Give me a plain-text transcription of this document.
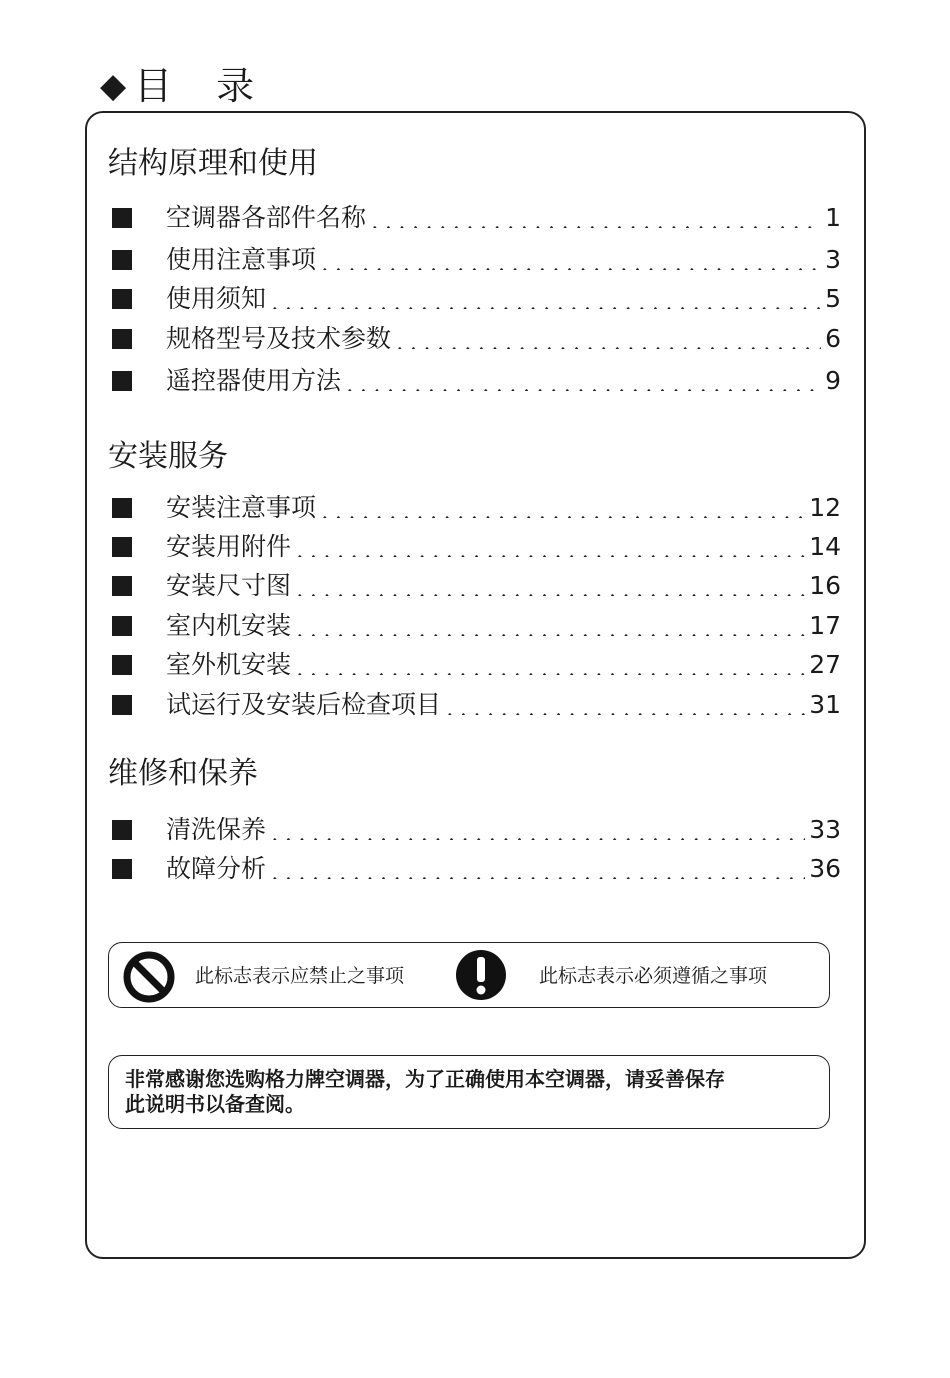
◆ 目 录
结构原理和使用
空调器各部件名称	1
使用注意事项	3
使用须知	5
规格型号及技术参数	6
遥控器使用方法	9
安装服务
安装注意事项	12
安装用附件	14
安装尺寸图	16
室内机安装	17
室外机安装	27
试运行及安装后检查项目	31
维修和保养
清洗保养	33
故障分析	36
此标志表示应禁止之事项	此标志表示必须遵循之事项
非常感谢您选购格力牌空调器，为了正确使用本空调器，请妥善保存
此说明书以备查阅。
